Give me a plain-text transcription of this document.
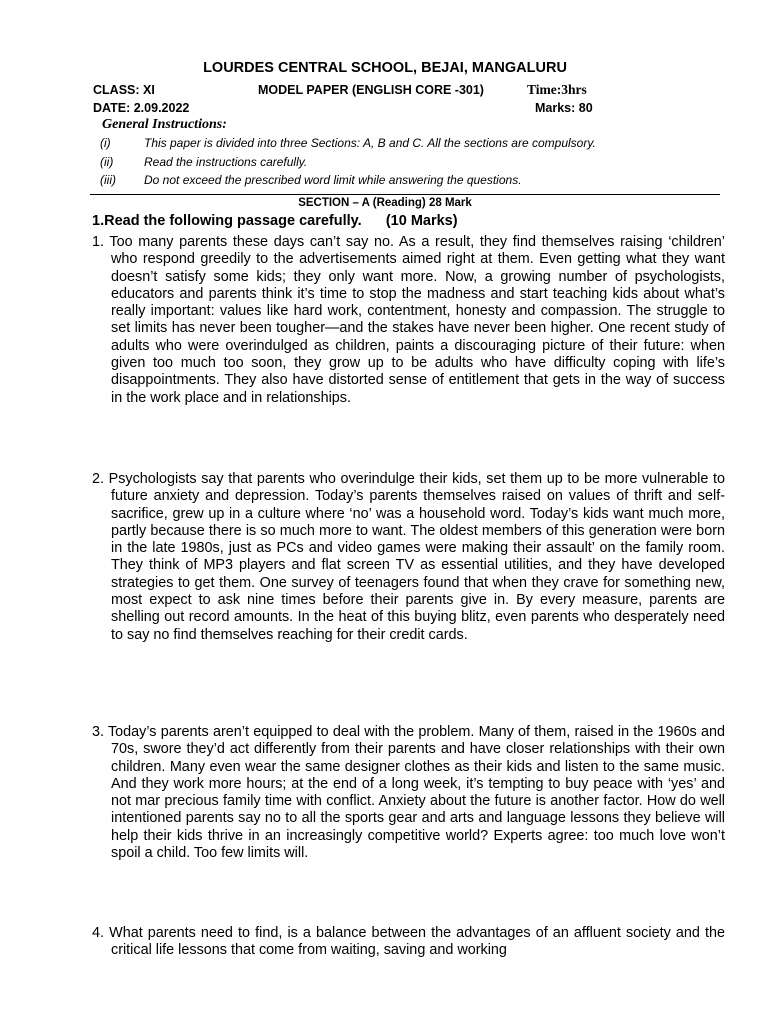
LOURDES CENTRAL SCHOOL, BEJAI, MANGALURU
CLASS: XI	MODEL PAPER (ENGLISH CORE -301)	Time:3hrs
DATE: 2.09.2022	Marks: 80
General Instructions:
(i)	This paper is divided into three Sections: A, B and C. All the sections are compulsory.
(ii)	Read the instructions carefully.
(iii)	Do not exceed the prescribed word limit while answering the questions.
SECTION – A (Reading) 28 Mark
1.Read the following passage carefully.      (10 Marks)

1. Too many parents these days can’t say no. As a result, they find themselves raising ‘children’ who respond greedily to the advertisements aimed right at them. Even getting what they want doesn’t satisfy some kids; they only want more. Now, a growing number of psychologists, educators and parents think it’s time to stop the madness and start teaching kids about what’s really important: values like hard work, contentment, honesty and compassion. The struggle to set limits has never been tougher—and the stakes have never been higher. One recent study of adults who were overindulged as children, paints a discouraging picture of their future: when given too much too soon, they grow up to be adults who have difficulty coping with life’s disappointments. They also have distorted sense of entitlement that gets in the way of success in the work place and in relationships.

2. Psychologists say that parents who overindulge their kids, set them up to be more vulnerable to future anxiety and depression. Today’s parents themselves raised on values of thrift and self-sacrifice, grew up in a culture where ‘no’ was a household word. Today’s kids want much more, partly because there is so much more to want. The oldest members of this generation were born in the late 1980s, just as PCs and video games were making their assault’ on the family room. They think of MP3 players and flat screen TV as essential utilities, and they have developed strategies to get them. One survey of teenagers found that when they crave for something new, most expect to ask nine times before their parents give in. By every measure, parents are shelling out record amounts. In the heat of this buying blitz, even parents who desperately need to say no find themselves reaching for their credit cards.

3. Today’s parents aren’t equipped to deal with the problem. Many of them, raised in the 1960s and 70s, swore they’d act differently from their parents and have closer relationships with their own children. Many even wear the same designer clothes as their kids and listen to the same music. And they work more hours; at the end of a long week, it’s tempting to buy peace with ‘yes’ and not mar precious family time with conflict. Anxiety about the future is another factor. How do well intentioned parents say no to all the sports gear and arts and language lessons they believe will help their kids thrive in an increasingly competitive world? Experts agree: too much love won’t spoil a child. Too few limits will.

4. What parents need to find, is a balance between the advantages of an affluent society and the critical life lessons that come from waiting, saving and working
